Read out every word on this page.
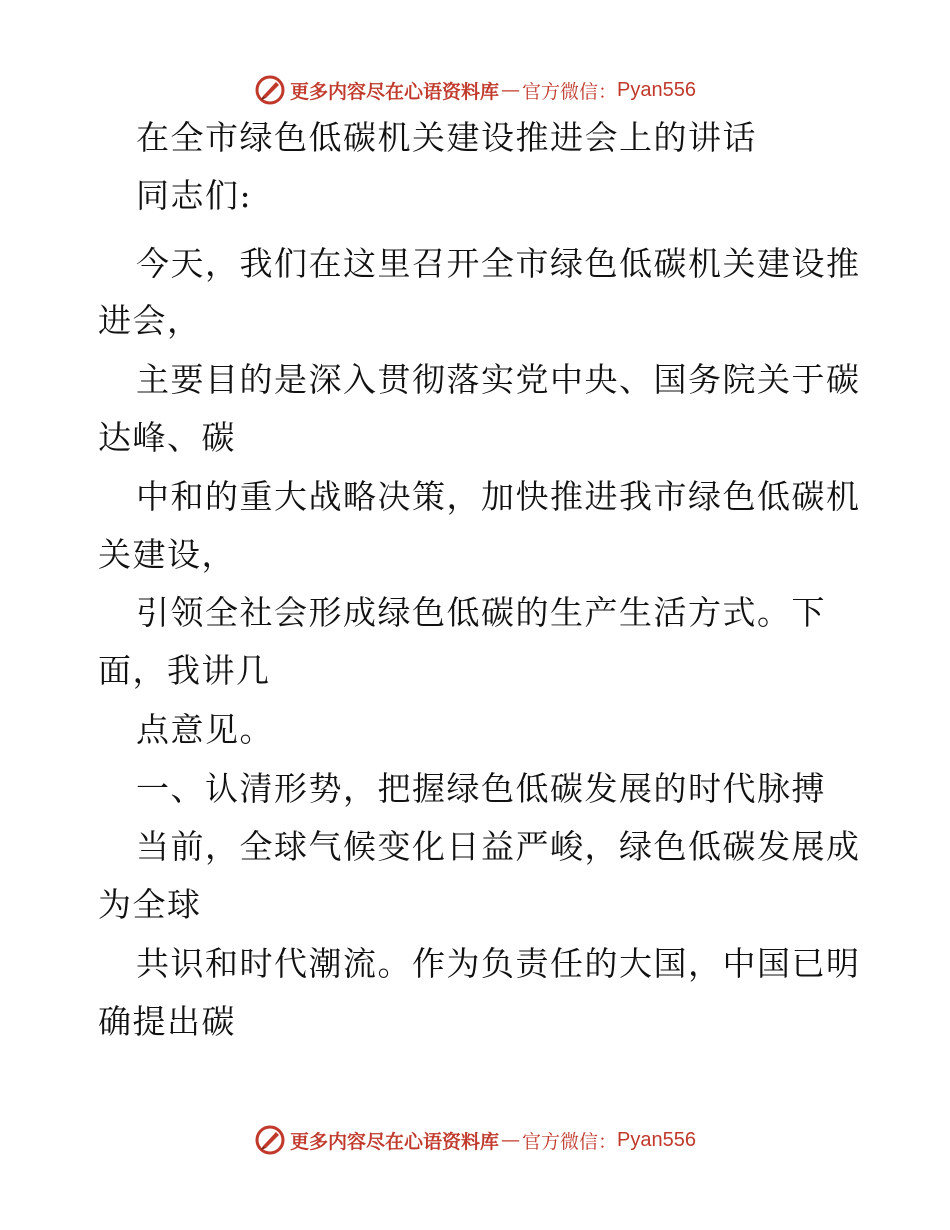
更多内容尽在心语资料库 — 官方微信： Pyan556
在全市绿色低碳机关建设推进会上的讲话
同志们:
今天，我们在这里召开全市绿色低碳机关建设推
进会，
主要目的是深入贯彻落实党中央、国务院关于碳
达峰、碳
中和的重大战略决策，加快推进我市绿色低碳机
关建设，
引领全社会形成绿色低碳的生产生活方式。下
面，我讲几
点意见。
一、认清形势，把握绿色低碳发展的时代脉搏
当前，全球气候变化日益严峻，绿色低碳发展成
为全球
共识和时代潮流。作为负责任的大国，中国已明
确提出碳
更多内容尽在心语资料库 — 官方微信： Pyan556
